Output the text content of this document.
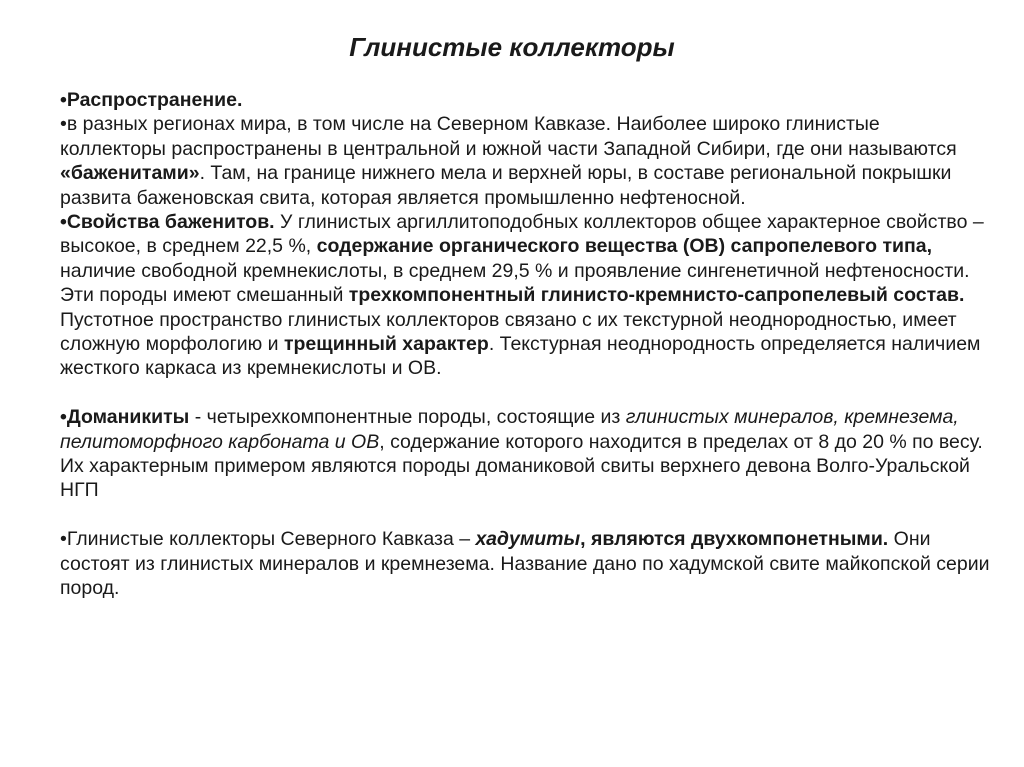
Глинистые коллекторы

•Распространение.

•в разных регионах мира, в том числе на Северном Кавказе. Наиболее широко глинистые коллекторы распространены в центральной и южной части Западной Сибири, где они называются «баженитами». Там, на границе нижнего мела и верхней юры, в составе региональной покрышки развита баженовская свита, которая является промышленно нефтеносной.

•Свойства баженитов. У глинистых аргиллитоподобных коллекторов общее характерное свойство – высокое, в среднем 22,5 %, содержание органического вещества (ОВ) сапропелевого типа, наличие свободной кремнекислоты, в среднем 29,5 % и проявление сингенетичной нефтеносности. Эти породы имеют смешанный трехкомпонентный глинисто-кремнисто-сапропелевый состав. Пустотное пространство глинистых коллекторов связано с их текстурной неоднородностью, имеет сложную морфологию и трещинный характер. Текстурная неоднородность определяется наличием жесткого каркаса из кремнекислоты и ОВ.

•Доманикиты - четырехкомпонентные породы, состоящие из глинистых минералов, кремнезема, пелитоморфного карбоната и ОВ, содержание которого находится в пределах от 8 до 20 % по весу. Их характерным примером являются породы доманиковой свиты верхнего девона Волго-Уральской НГП

•Глинистые коллекторы Северного Кавказа – хадумиты, являются двухкомпонетными. Они состоят из глинистых минералов и кремнезема. Название дано по хадумской свите майкопской серии пород.
